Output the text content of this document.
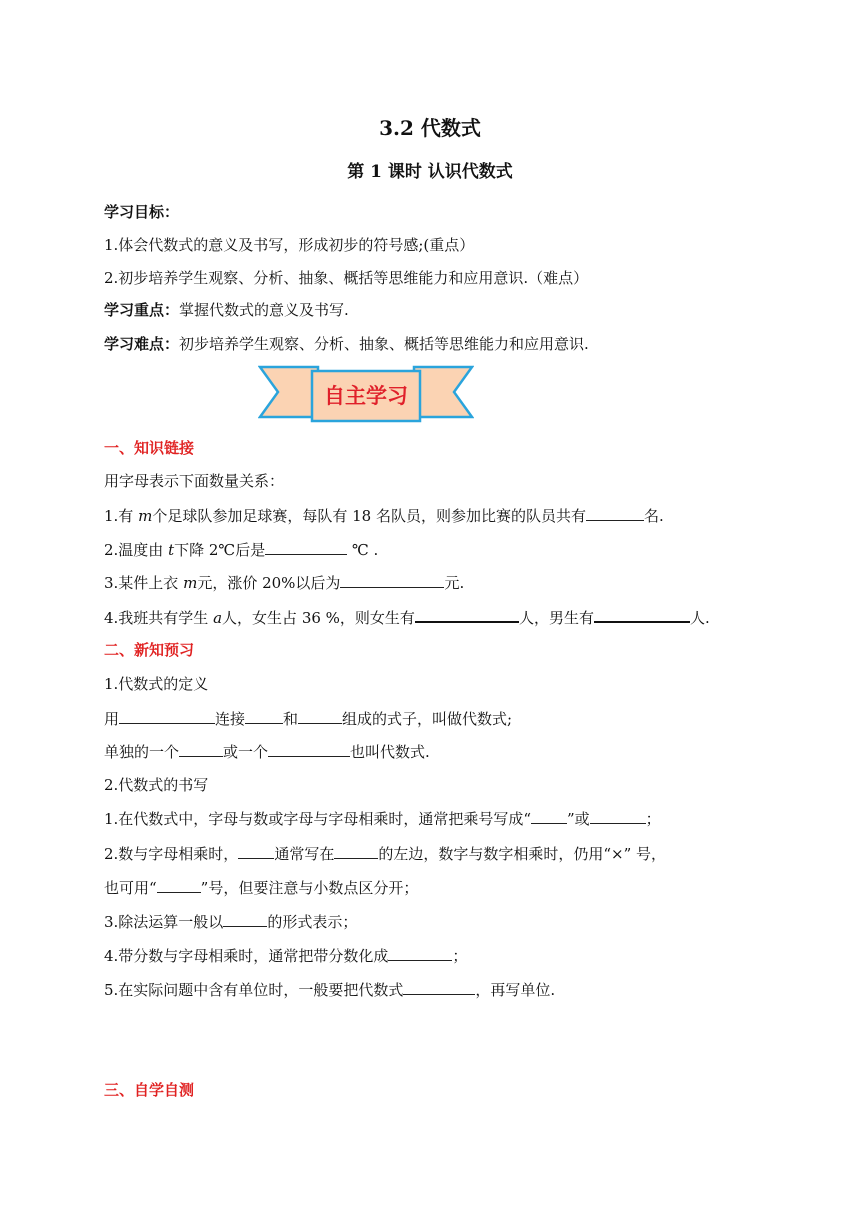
3.2 代数式
第 1 课时 认识代数式
学习目标：
1.体会代数式的意义及书写，形成初步的符号感;(重点）
2.初步培养学生观察、分析、抽象、概括等思维能力和应用意识.（难点）
学习重点：掌握代数式的意义及书写.
学习难点：初步培养学生观察、分析、抽象、概括等思维能力和应用意识.
自主学习
一、知识链接
用字母表示下面数量关系：
1.有 m个足球队参加足球赛，每队有 18 名队员，则参加比赛的队员共有	名.
2.温度由 t下降 2℃后是	℃ .
3.某件上衣 m元，涨价 20%以后为	元.
4.我班共有学生 a人，女生占 36 %，则女生有	人，男生有	人.
二、新知预习
1.代数式的定义
用	连接	和	组成的式子，叫做代数式;
单独的一个	或一个	也叫代数式.
2.代数式的书写
1.在代数式中，字母与数或字母与字母相乘时，通常把乘号写成“ ”或	；
2.数与字母相乘时， 通常写在	的左边，数字与数字相乘时，仍用“×” 号，
也可用“	”号，但要注意与小数点区分开；
3.除法运算一般以	的形式表示；
4.带分数与字母相乘时，通常把带分数化成	；
5.在实际问题中含有单位时，一般要把代数式	，再写单位.
三、自学自测
